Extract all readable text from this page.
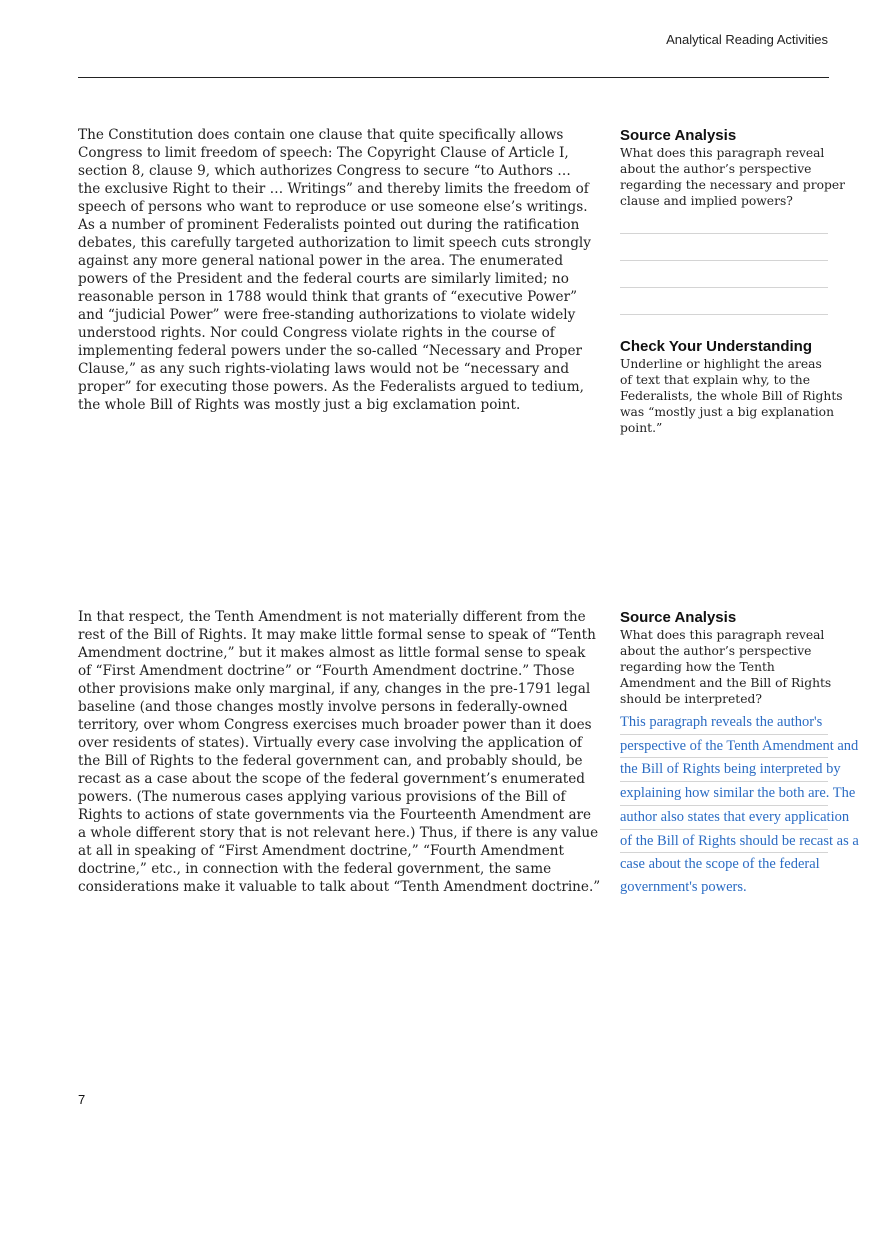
Analytical Reading Activities
The Constitution does contain one clause that quite specifically allows
Congress to limit freedom of speech: The Copyright Clause of Article I,
section 8, clause 9, which authorizes Congress to secure “to Authors …
the exclusive Right to their … Writings” and thereby limits the freedom of
speech of persons who want to reproduce or use someone else’s writings.
As a number of prominent Federalists pointed out during the ratification
debates, this carefully targeted authorization to limit speech cuts strongly
against any more general national power in the area. The enumerated
powers of the President and the federal courts are similarly limited; no
reasonable person in 1788 would think that grants of “executive Power”
and “judicial Power” were free-standing authorizations to violate widely
understood rights. Nor could Congress violate rights in the course of
implementing federal powers under the so-called “Necessary and Proper
Clause,” as any such rights-violating laws would not be “necessary and
proper” for executing those powers. As the Federalists argued to tedium,
the whole Bill of Rights was mostly just a big exclamation point.
In that respect, the Tenth Amendment is not materially different from the
rest of the Bill of Rights. It may make little formal sense to speak of “Tenth
Amendment doctrine,” but it makes almost as little formal sense to speak
of “First Amendment doctrine” or “Fourth Amendment doctrine.” Those
other provisions make only marginal, if any, changes in the pre-1791 legal
baseline (and those changes mostly involve persons in federally-owned
territory, over whom Congress exercises much broader power than it does
over residents of states). Virtually every case involving the application of
the Bill of Rights to the federal government can, and probably should, be
recast as a case about the scope of the federal government’s enumerated
powers. (The numerous cases applying various provisions of the Bill of
Rights to actions of state governments via the Fourteenth Amendment are
a whole different story that is not relevant here.) Thus, if there is any value
at all in speaking of “First Amendment doctrine,” “Fourth Amendment
doctrine,” etc., in connection with the federal government, the same
considerations make it valuable to talk about “Tenth Amendment doctrine.”
Source Analysis
What does this paragraph reveal
about the author’s perspective
regarding the necessary and proper
clause and implied powers?
Check Your Understanding
Underline or highlight the areas
of text that explain why, to the
Federalists, the whole Bill of Rights
was “mostly just a big explanation
point.”
Source Analysis
What does this paragraph reveal
about the author’s perspective
regarding how the Tenth
Amendment and the Bill of Rights
should be interpreted?
This paragraph reveals the author's
perspective of the Tenth Amendment and
the Bill of Rights being interpreted by
explaining how similar the both are. The
author also states that every application
of the Bill of Rights should be recast as a
case about the scope of the federal
government's powers.
7
